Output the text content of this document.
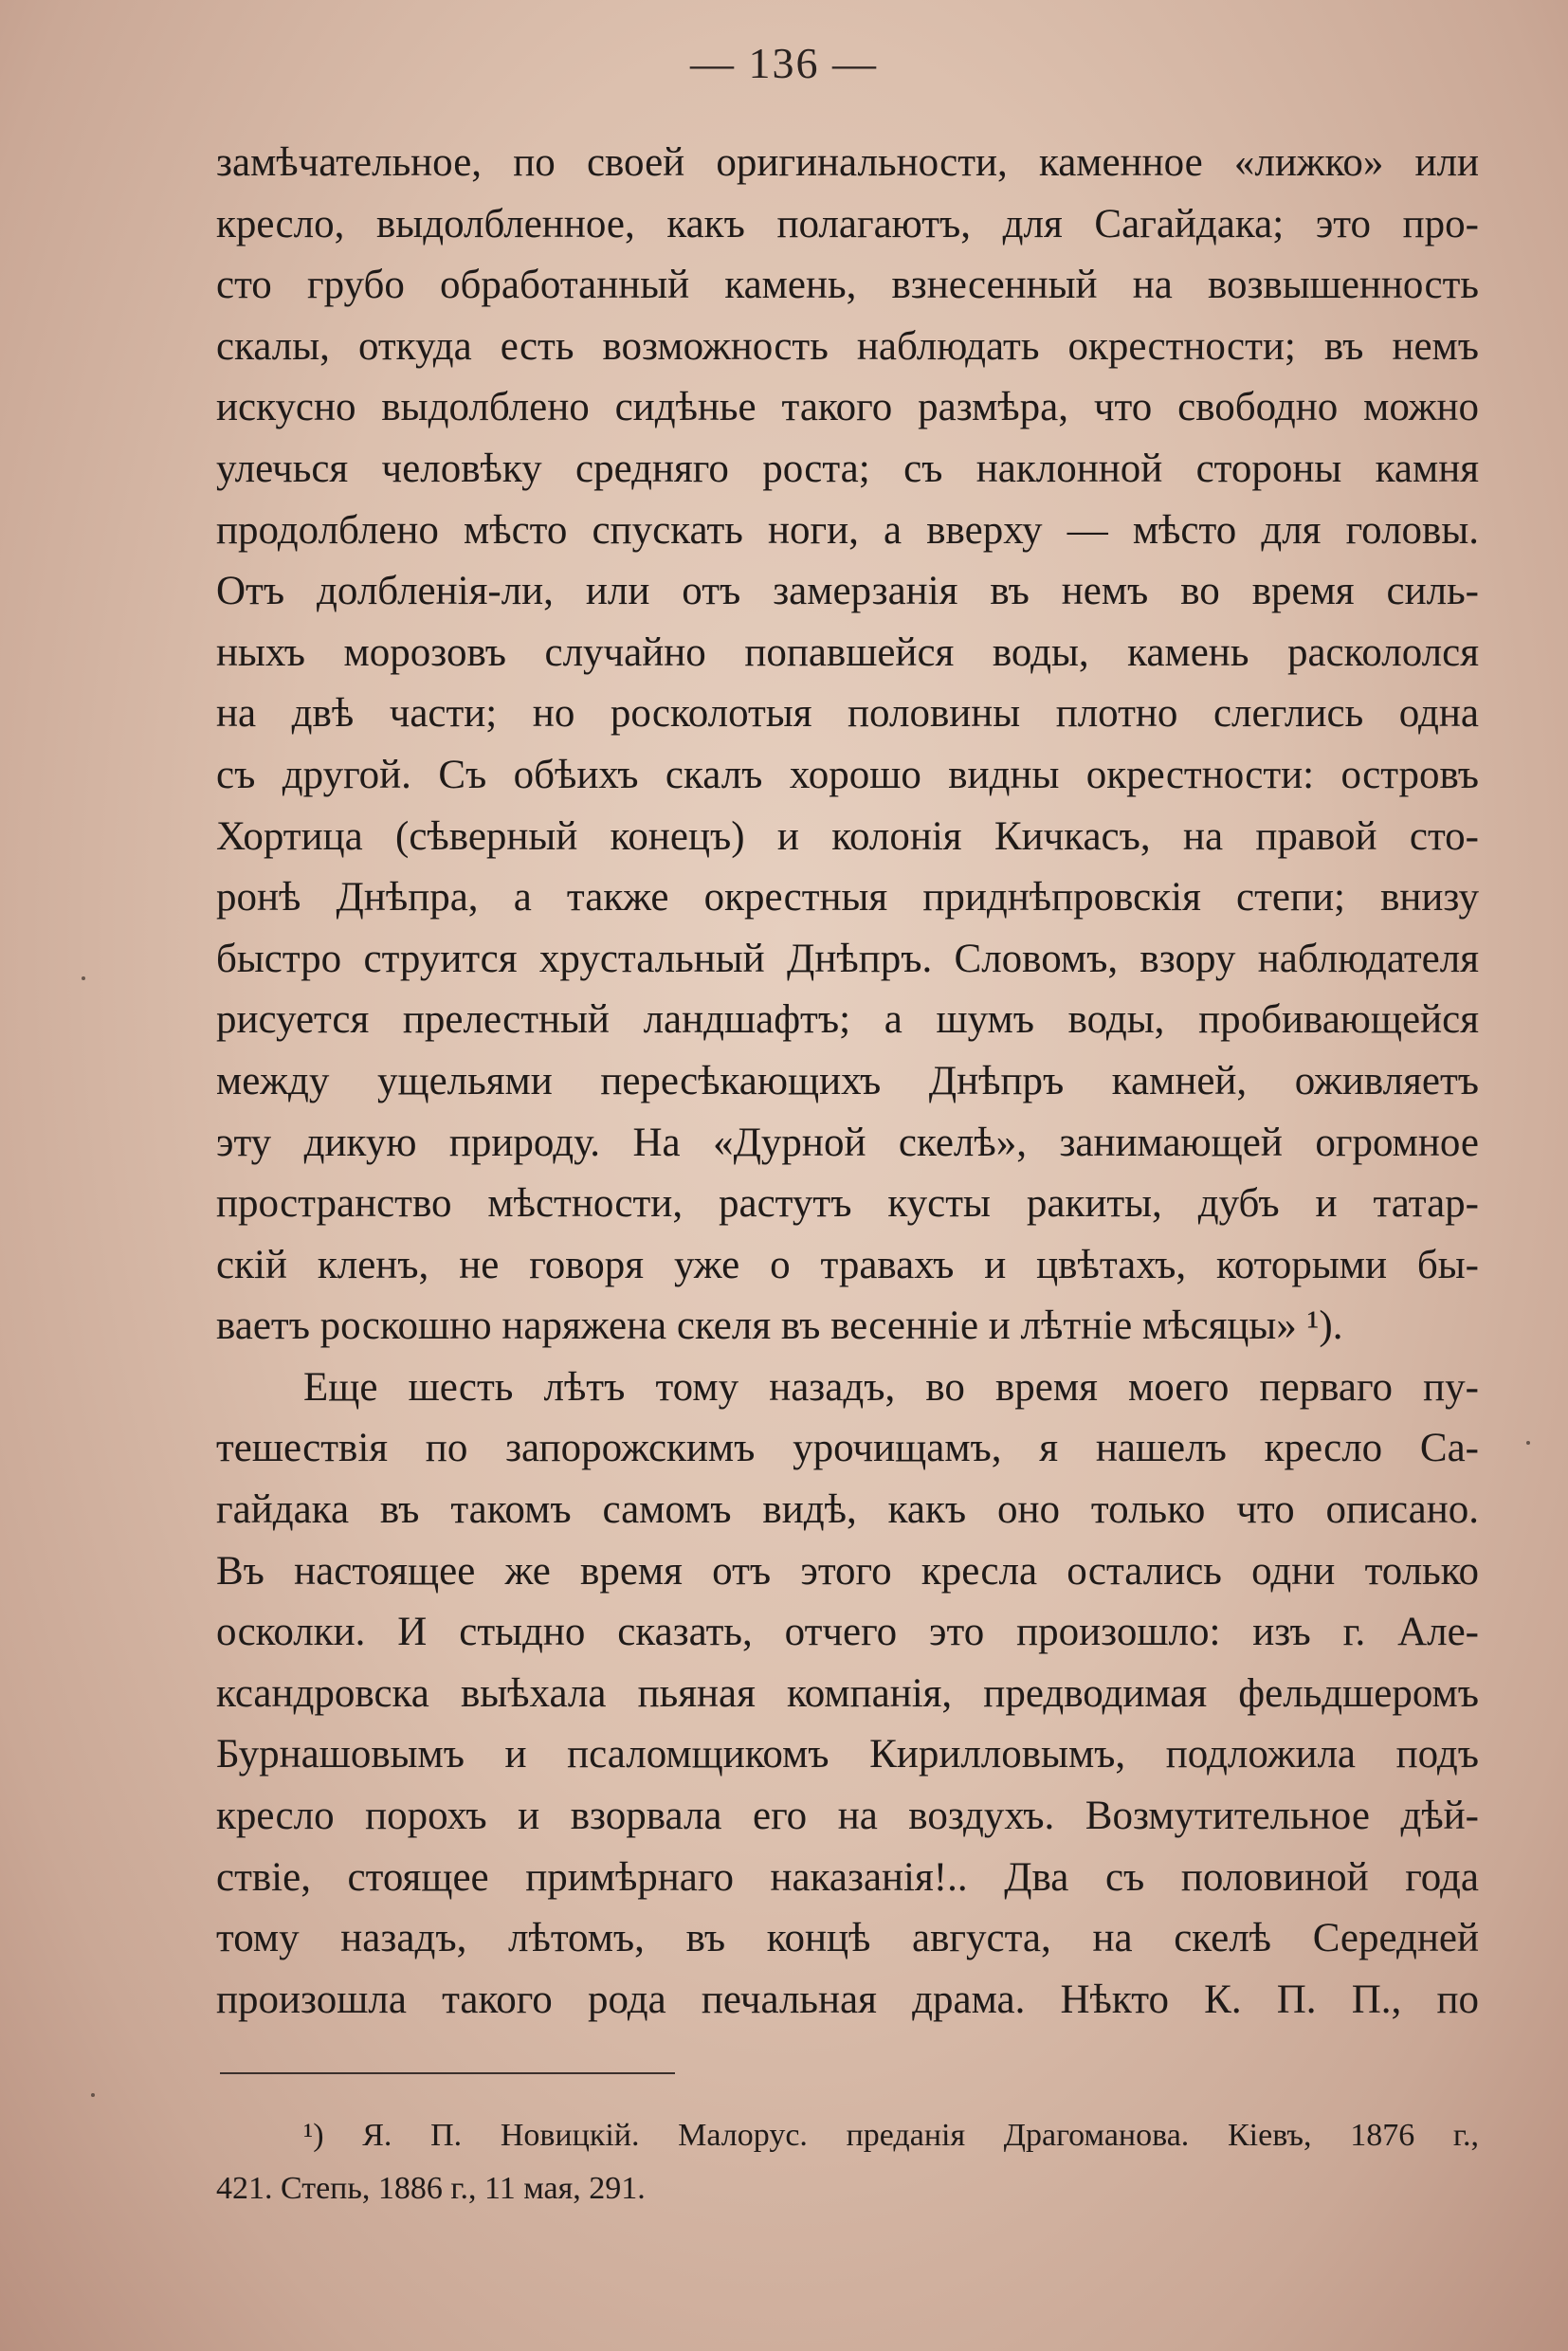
— 136 —
замѣчательное, по своей оригинальности, каменное «лижко» или
кресло, выдолбленное, какъ полагаютъ, для Сагайдака; это про-
сто грубо обработанный камень, взнесенный на возвышенность
скалы, откуда есть возможность наблюдать окрестности; въ немъ
искусно выдолблено сидѣнье такого размѣра, что свободно можно
улечься человѣку средняго роста; съ наклонной стороны камня
продолблено мѣсто спускать ноги, а вверху — мѣсто для головы.
Отъ долбленія-ли, или отъ замерзанія въ немъ во время силь-
ныхъ морозовъ случайно попавшейся воды, камень раскололся
на двѣ части; но росколотыя половины плотно слеглись одна
съ другой. Съ обѣихъ скалъ хорошо видны окрестности: островъ
Хортица (сѣверный конецъ) и колонія Кичкасъ, на правой сто-
ронѣ Днѣпра, а также окрестныя приднѣпровскія степи; внизу
быстро струится хрустальный Днѣпръ. Словомъ, взору наблюдателя
рисуется прелестный ландшафтъ; а шумъ воды, пробивающейся
между ущельями пересѣкающихъ Днѣпръ камней, оживляетъ
эту дикую природу. На «Дурной скелѣ», занимающей огромное
пространство мѣстности, растутъ кусты ракиты, дубъ и татар-
скій кленъ, не говоря уже о травахъ и цвѣтахъ, которыми бы-
ваетъ роскошно наряжена скеля въ весенніе и лѣтніе мѣсяцы» ¹).
Еще шесть лѣтъ тому назадъ, во время моего перваго пу-
тешествія по запорожскимъ урочищамъ, я нашелъ кресло Са-
гайдака въ такомъ самомъ видѣ, какъ оно только что описано.
Въ настоящее же время отъ этого кресла остались одни только
осколки. И стыдно сказать, отчего это произошло: изъ г. Але-
ксандровска выѣхала пьяная компанія, предводимая фельдшеромъ
Бурнашовымъ и псаломщикомъ Кирилловымъ, подложила подъ
кресло порохъ и взорвала его на воздухъ. Возмутительное дѣй-
ствіе, стоящее примѣрнаго наказанія!.. Два съ половиной года
тому назадъ, лѣтомъ, въ концѣ августа, на скелѣ Середней
произошла такого рода печальная драма. Нѣкто К. П. П., по
¹) Я. П. Новицкій. Малорус. преданія Драгоманова. Кіевъ, 1876 г.,
421. Степь, 1886 г., 11 мая, 291.
